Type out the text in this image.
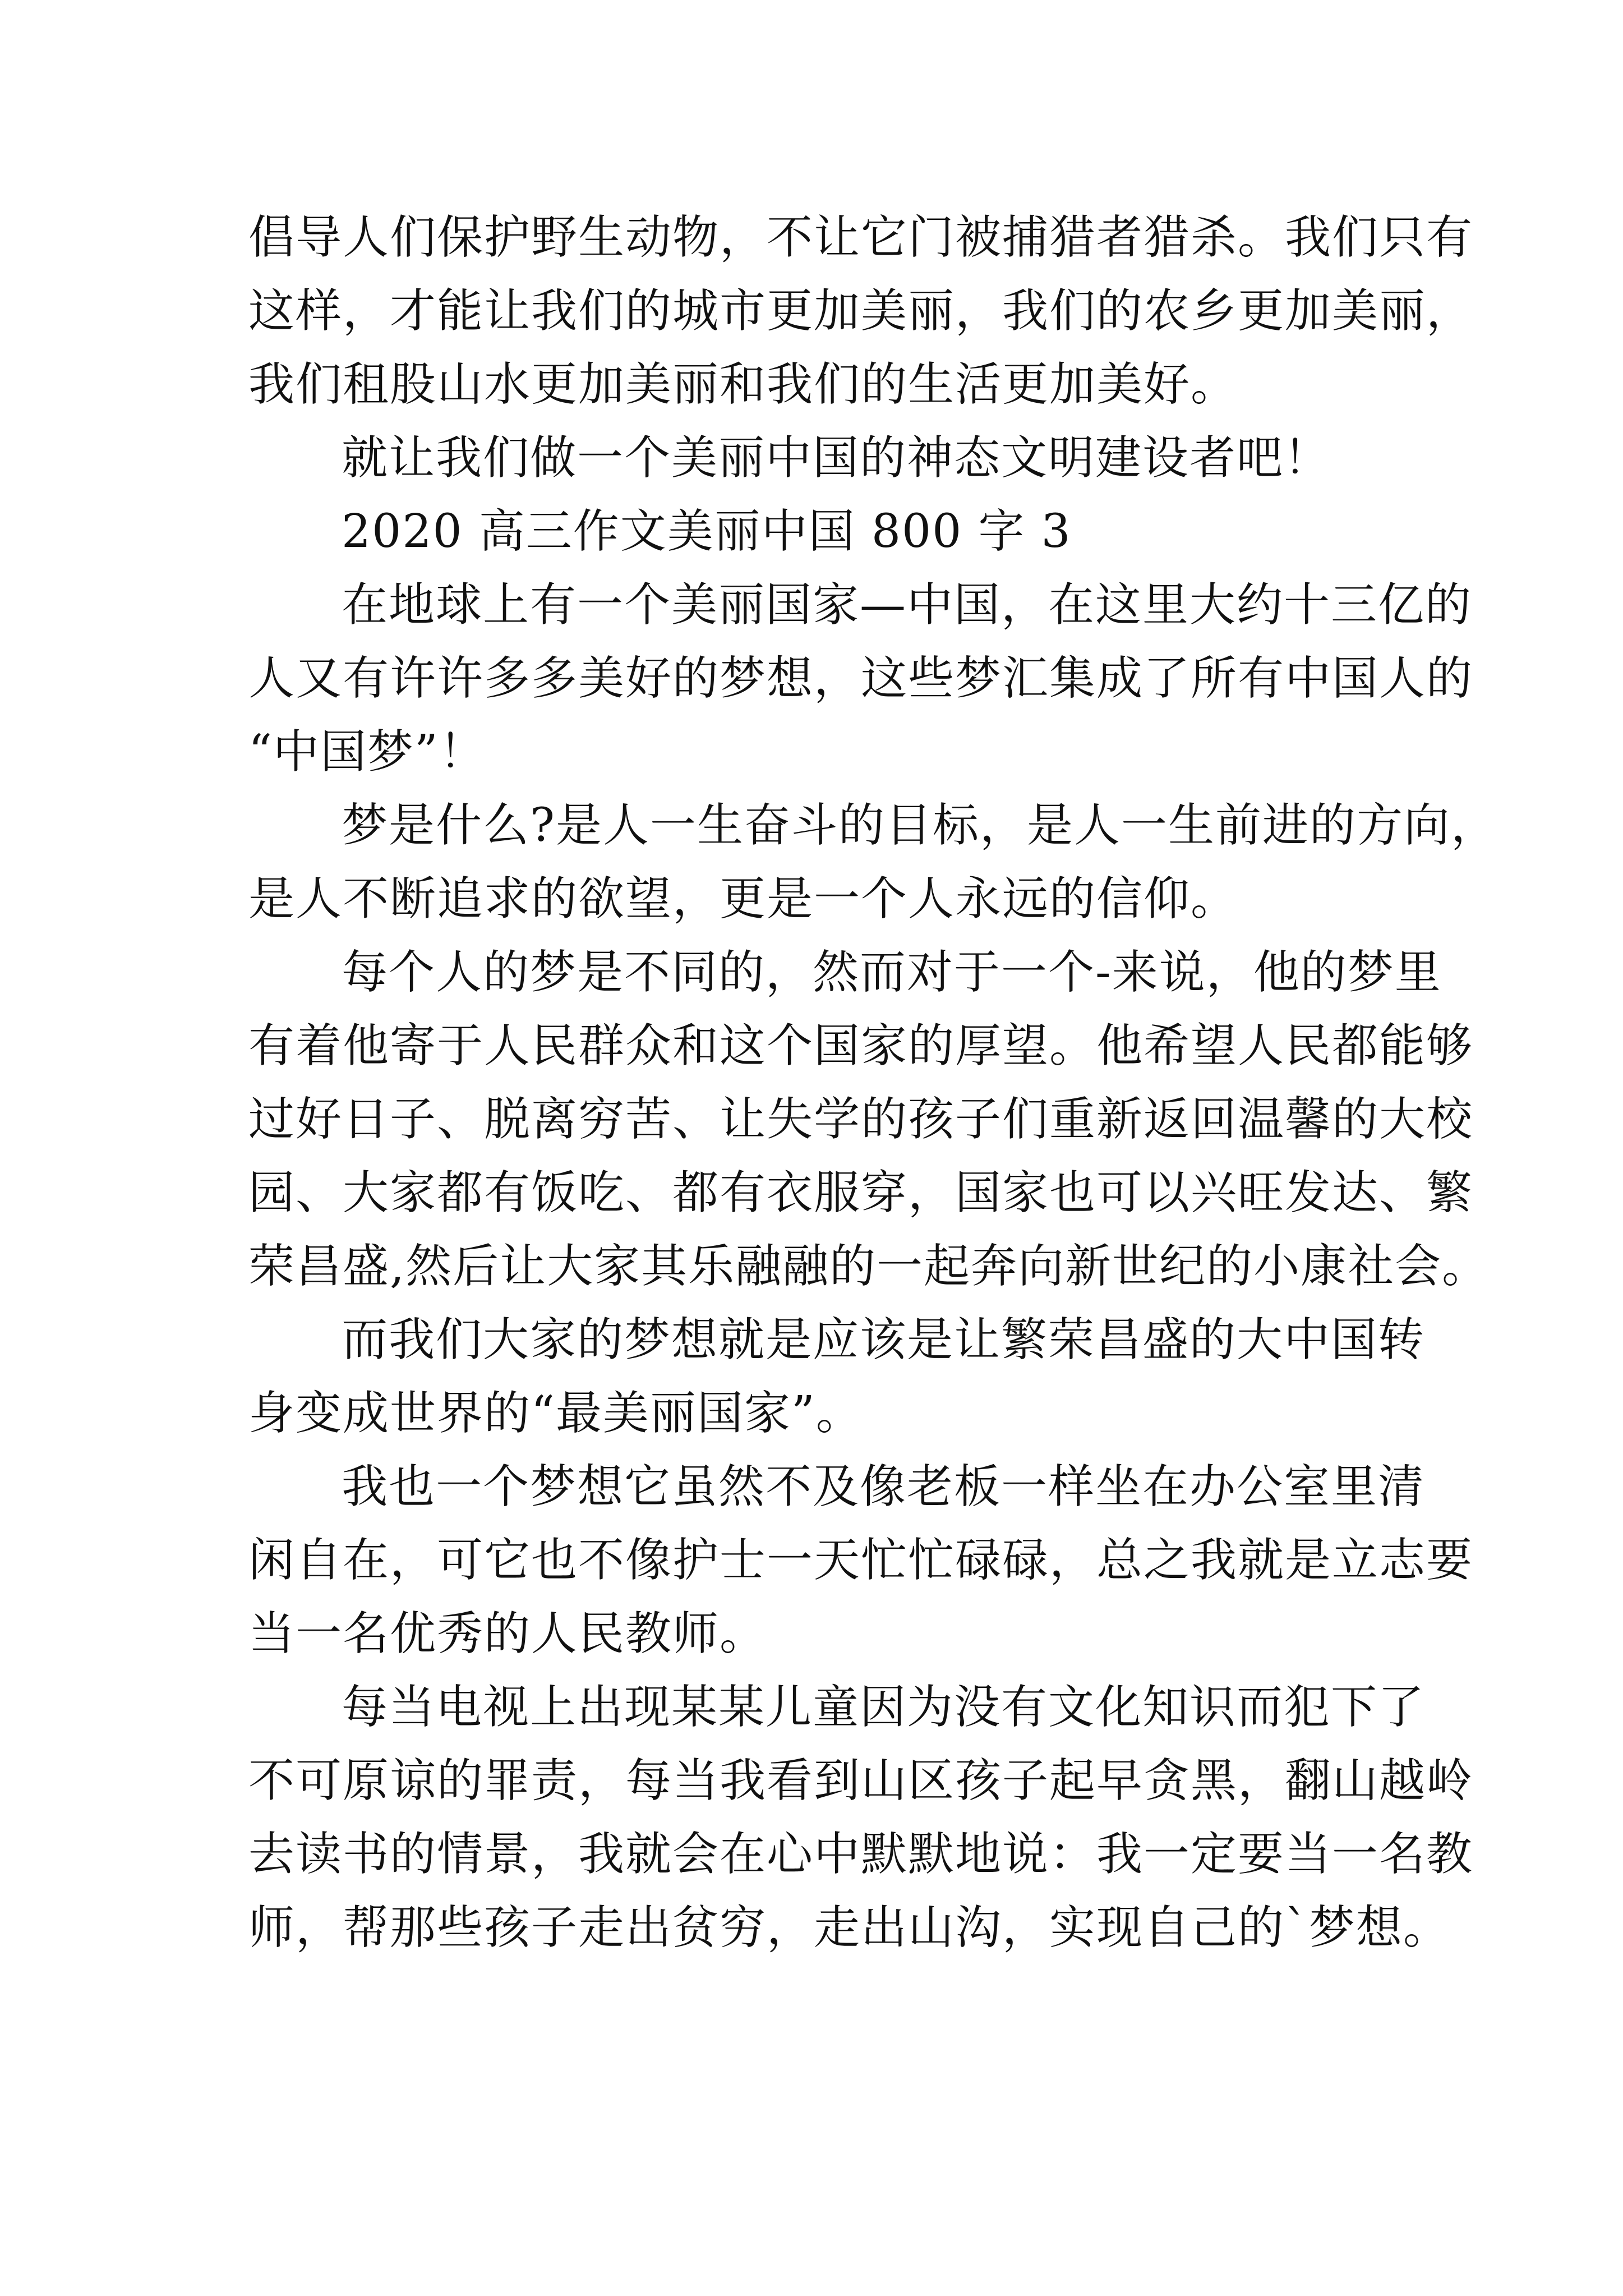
倡导人们保护野生动物，不让它门被捕猎者猎杀。我们只有
这样，才能让我们的城市更加美丽，我们的农乡更加美丽，
我们租股山水更加美丽和我们的生活更加美好。
就让我们做一个美丽中国的神态文明建设者吧！
2020 高三作文美丽中国 800 字 3
在地球上有一个美丽国家—中国，在这里大约十三亿的
人又有许许多多美好的梦想，这些梦汇集成了所有中国人的
“中国梦”！
梦是什么?是人一生奋斗的目标，是人一生前进的方向，
是人不断追求的欲望，更是一个人永远的信仰。
每个人的梦是不同的，然而对于一个-来说，他的梦里
有着他寄于人民群众和这个国家的厚望。他希望人民都能够
过好日子、脱离穷苦、让失学的孩子们重新返回温馨的大校
园、大家都有饭吃、都有衣服穿，国家也可以兴旺发达、繁
荣昌盛,然后让大家其乐融融的一起奔向新世纪的小康社会。
而我们大家的梦想就是应该是让繁荣昌盛的大中国转
身变成世界的“最美丽国家”。
我也一个梦想它虽然不及像老板一样坐在办公室里清
闲自在，可它也不像护士一天忙忙碌碌，总之我就是立志要
当一名优秀的人民教师。
每当电视上出现某某儿童因为没有文化知识而犯下了
不可原谅的罪责，每当我看到山区孩子起早贪黑，翻山越岭
去读书的情景，我就会在心中默默地说：我一定要当一名教
师，帮那些孩子走出贫穷，走出山沟，实现自己的`梦想。
